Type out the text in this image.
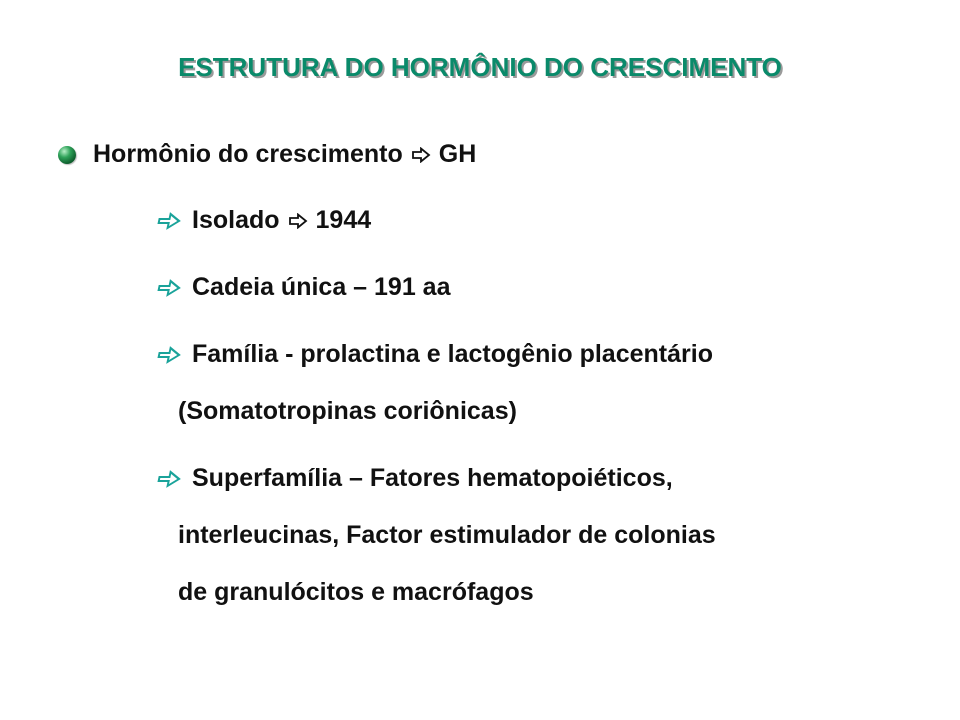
ESTRUTURA DO HORMÔNIO DO CRESCIMENTO
Hormônio do crescimento GH
Isolado 1944
Cadeia única – 191 aa
Família - prolactina e lactogênio placentário
(Somatotropinas coriônicas)
Superfamília – Fatores hematopoiéticos,
interleucinas, Factor estimulador de colonias
de granulócitos e macrófagos
